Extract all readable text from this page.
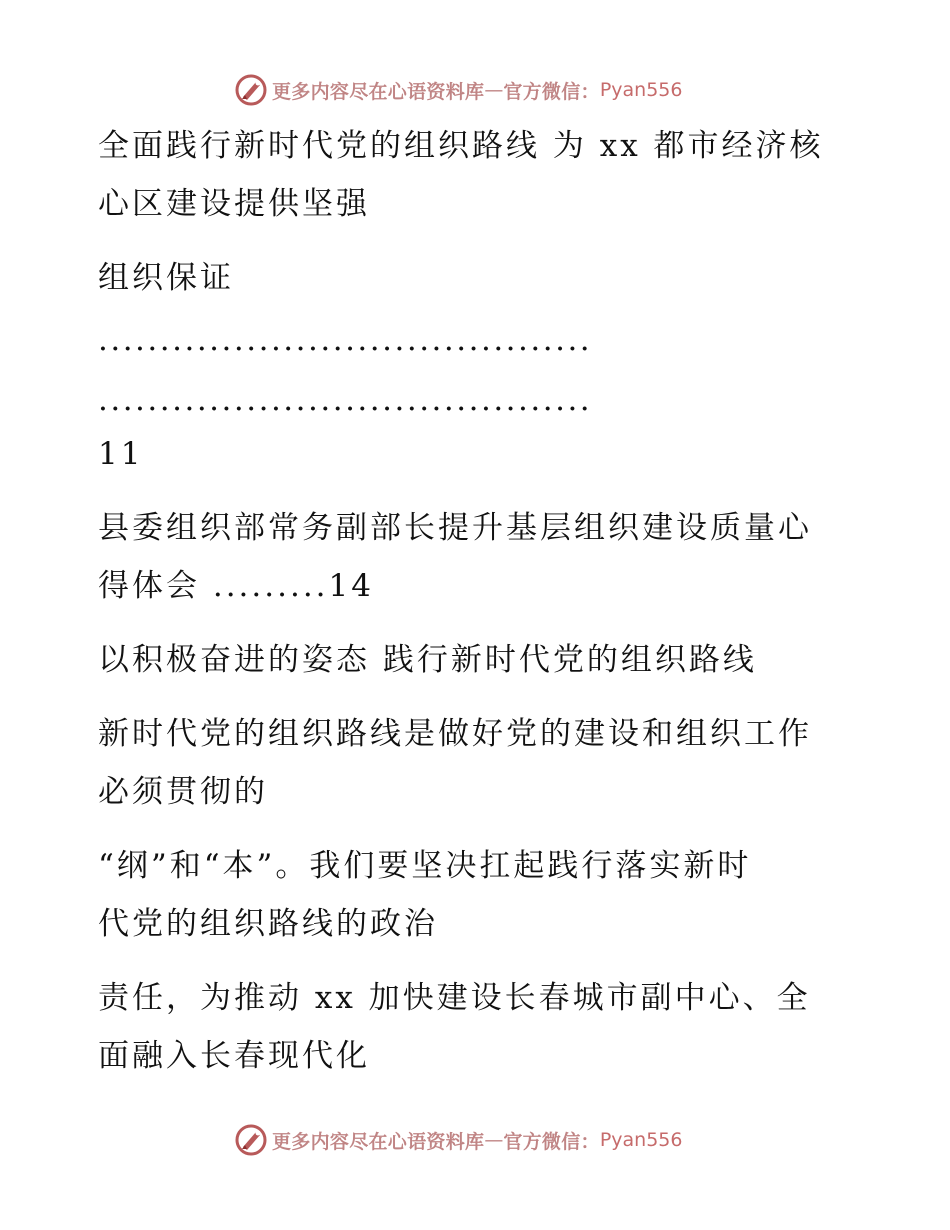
更多内容尽在心语资料库 — 官方微信： Pyan556
全面践行新时代党的组织路线 为 xx 都市经济核
心区建设提供坚强
组织保证
........................................
........................................
11
县委组织部常务副部长提升基层组织建设质量心
得体会 .........14
以积极奋进的姿态 践行新时代党的组织路线
新时代党的组织路线是做好党的建设和组织工作
必须贯彻的
“纲”和“本”。我们要坚决扛起践行落实新时
代党的组织路线的政治
责任，为推动 xx 加快建设长春城市副中心、全
面融入长春现代化
更多内容尽在心语资料库 — 官方微信： Pyan556
